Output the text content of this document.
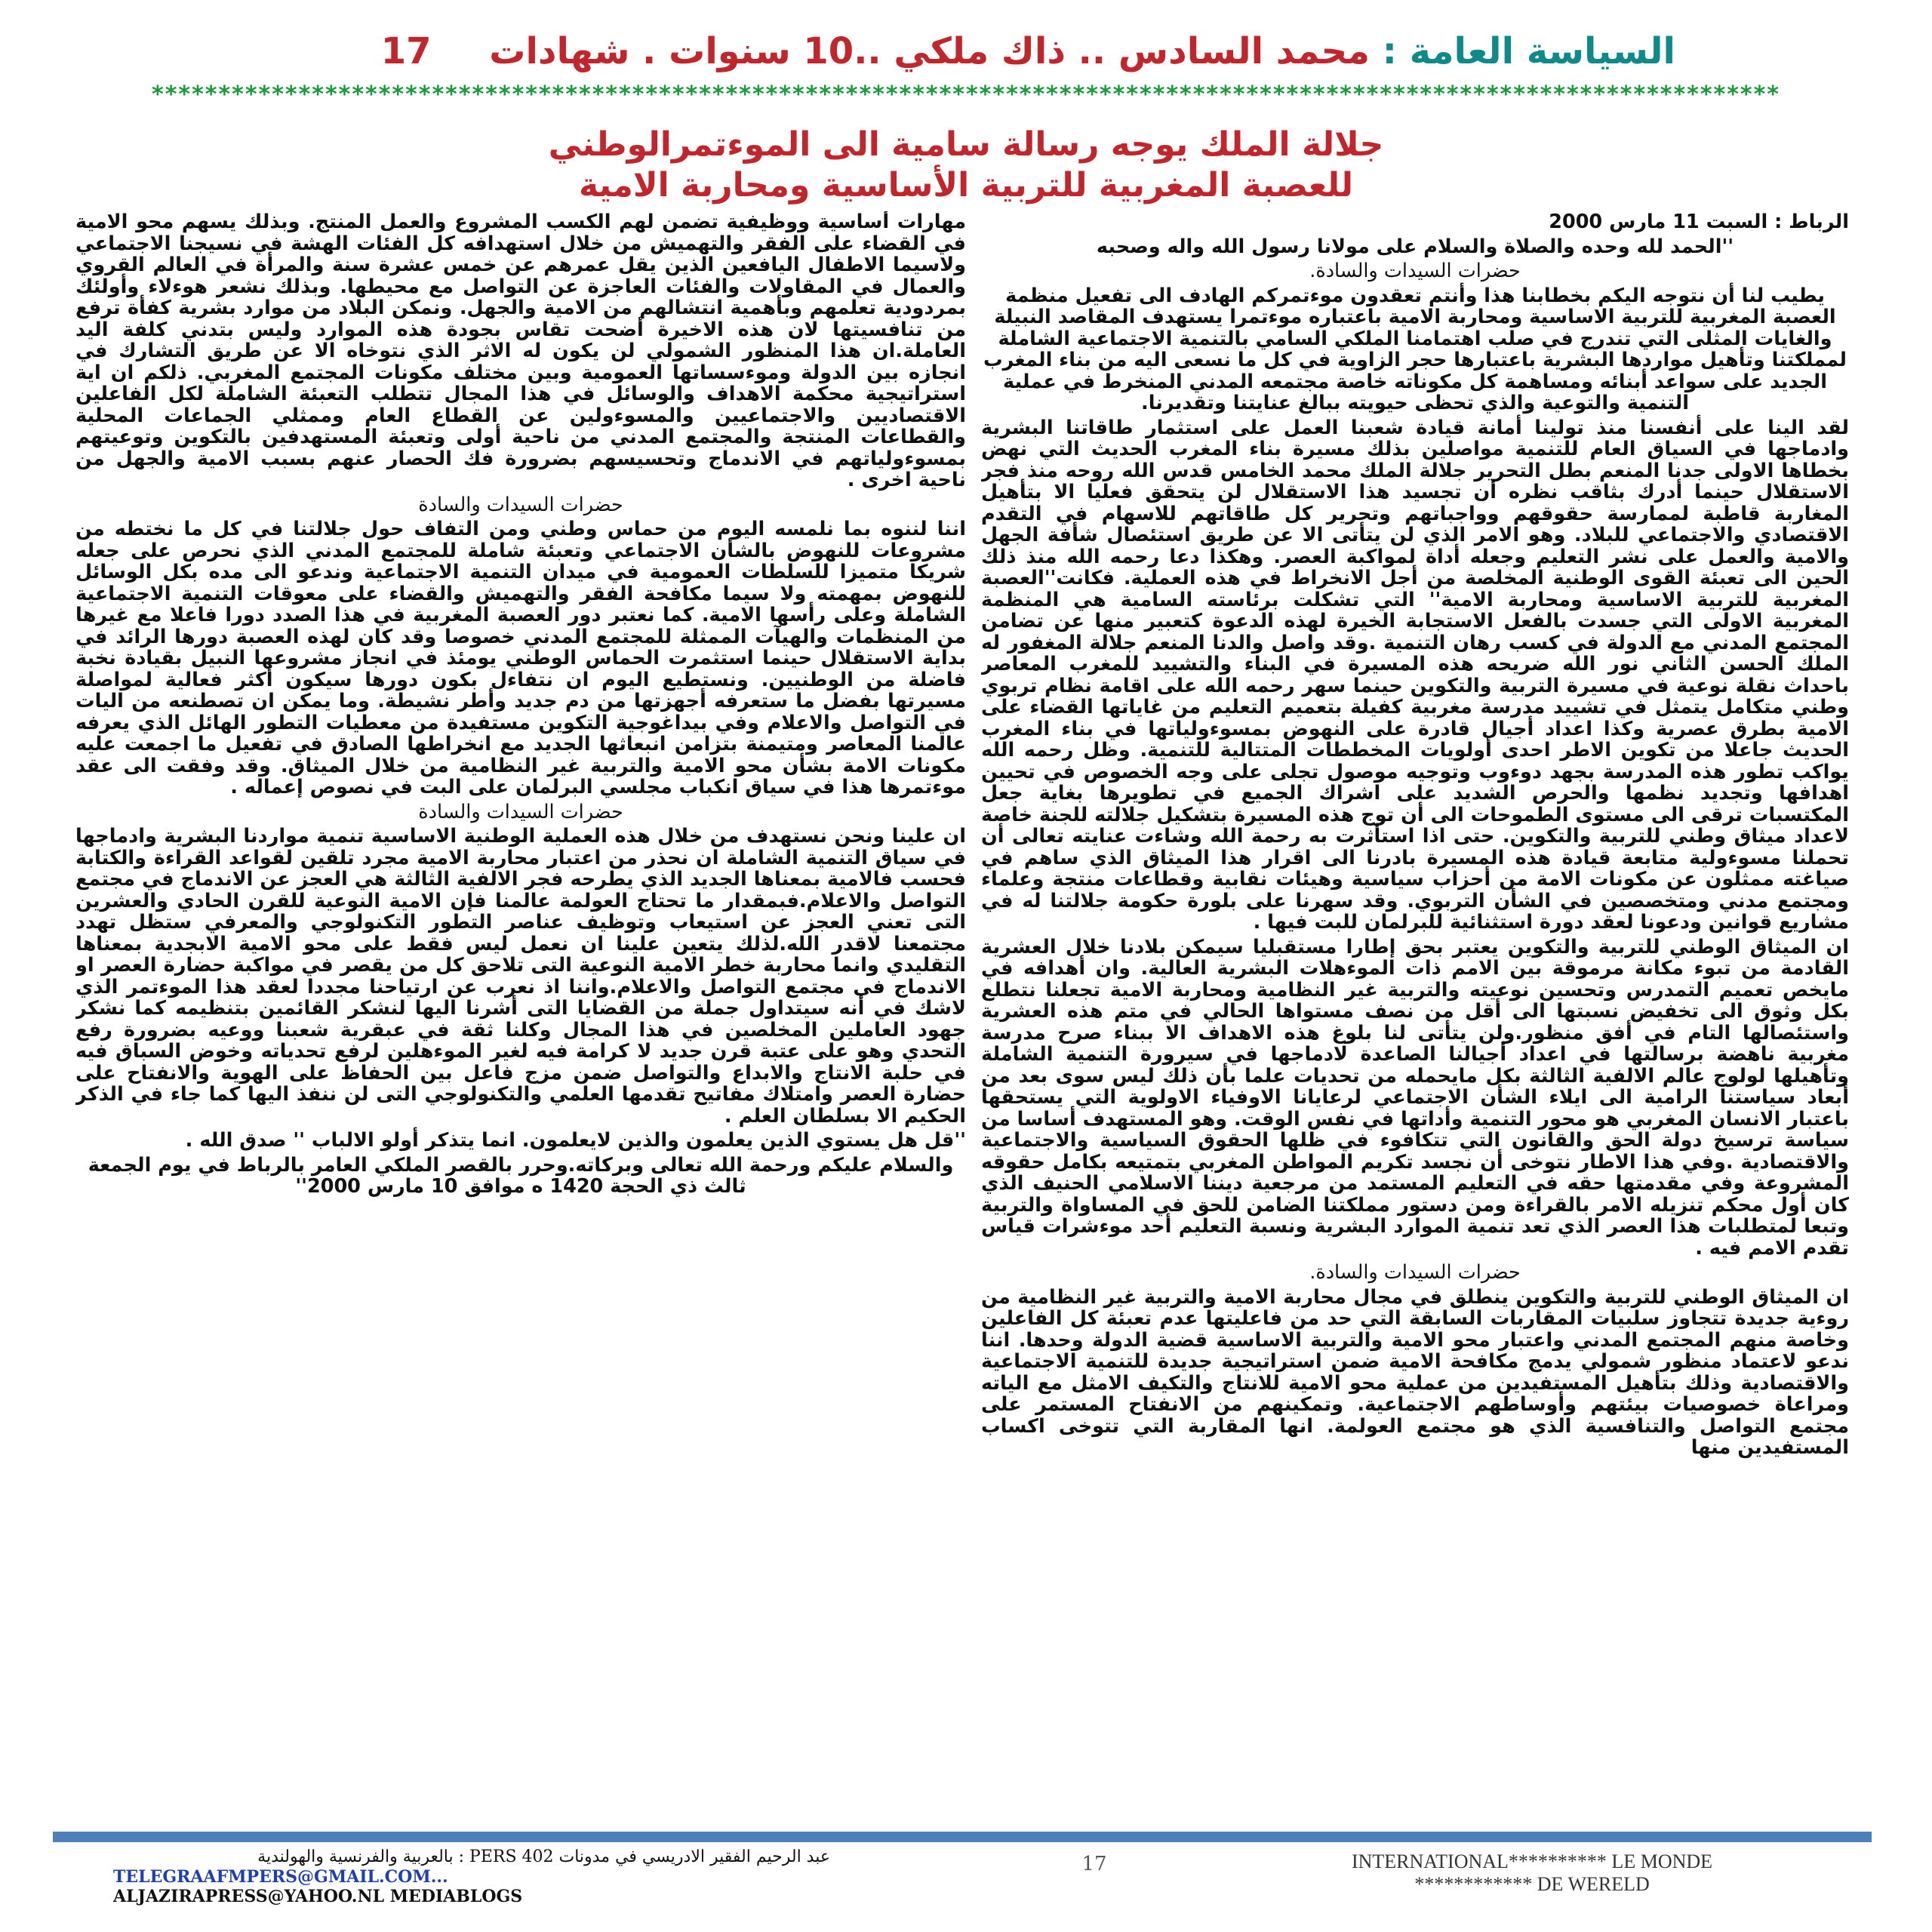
السياسة العامة : محمد السادس .. ذاك ملكي ..10 سنوات . شهادات 17
**************************************************************************************************************************
جلالة الملك يوجه رسالة سامية الى الموءتمرالوطني
للعصبة المغربية للتربية الأساسية ومحاربة الامية

الرباط : السبت 11 مارس 2000

''الحمد لله وحده والصلاة والسلام على مولانا رسول الله واله وصحبه

حضرات السيدات والسادة.

يطيب لنا أن نتوجه اليكم بخطابنا هذا وأنتم تعقدون موءتمركم الهادف الى تفعيل منظمة العصبة المغربية للتربية الاساسية ومحاربة الامية باعتباره موءتمرا يستهدف المقاصد النبيلة والغايات المثلى التي تندرج في صلب اهتمامنا الملكي السامي بالتنمية الاجتماعية الشاملة لمملكتنا وتأهيل مواردها البشرية باعتبارها حجر الزاوية في كل ما نسعى اليه من بناء المغرب الجديد على سواعد أبنائه ومساهمة كل مكوناته خاصة مجتمعه المدني المنخرط في عملية التنمية والتوعية والذي تحظى حيويته ببالغ عنايتنا وتقديرنا.

لقد الينا على أنفسنا منذ تولينا أمانة قيادة شعبنا العمل على استثمار طاقاتنا البشرية وادماجها في السياق العام للتنمية مواصلين بذلك مسيرة بناء المغرب الحديث التي نهض بخطاها الاولى جدنا المنعم بطل التحرير جلالة الملك محمد الخامس قدس الله روحه منذ فجر الاستقلال حينما أدرك بثاقب نظره أن تجسيد هذا الاستقلال لن يتحقق فعليا الا بتأهيل المغاربة قاطبة لممارسة حقوقهم وواجباتهم وتحرير كل طاقاتهم للاسهام في التقدم الاقتصادي والاجتماعي للبلاد. وهو الامر الذي لن يتأتى الا عن طريق استئصال شأفة الجهل والامية والعمل على نشر التعليم وجعله أداة لمواكبة العصر. وهكذا دعا رحمه الله منذ ذلك الحين الى تعبئة القوى الوطنية المخلصة من أجل الانخراط في هذه العملية. فكانت''العصبة المغربية للتربية الاساسية ومحاربة الامية'' التي تشكلت برئاسته السامية هي المنظمة المغربية الاولى التي جسدت بالفعل الاستجابة الخيرة لهذه الدعوة كتعبير منها عن تضامن المجتمع المدني مع الدولة في كسب رهان التنمية .وقد واصل والدنا المنعم جلالة المغفور له الملك الحسن الثاني نور الله ضريحه هذه المسيرة في البناء والتشييد للمغرب المعاصر باحداث نقلة نوعية في مسيرة التربية والتكوين حينما سهر رحمه الله على اقامة نظام تربوي وطني متكامل يتمثل في تشييد مدرسة مغربية كفيلة بتعميم التعليم من غاياتها القضاء على الامية بطرق عصرية وكذا اعداد أجيال قادرة على النهوض بمسوءولياتها في بناء المغرب الحديث جاعلا من تكوين الاطر احدى أولويات المخططات المتتالية للتنمية. وظل رحمه الله يواكب تطور هذه المدرسة بجهد دوءوب وتوجيه موصول تجلى على وجه الخصوص في تحيين اهدافها وتجديد نظمها والحرص الشديد على اشراك الجميع في تطويرها بغاية جعل المكتسبات ترقى الى مستوى الطموحات الى أن توج هذه المسيرة بتشكيل جلالته للجنة خاصة لاعداد ميثاق وطني للتربية والتكوين. حتى اذا استأثرت به رحمة الله وشاءت عنايته تعالى أن تحملنا مسوءولية متابعة قيادة هذه المسيرة بادرنا الى اقرار هذا الميثاق الذي ساهم في صياغته ممثلون عن مكونات الامة من أحزاب سياسية وهيئات نقابية وقطاعات منتجة وعلماء ومجتمع مدني ومتخصصين في الشأن التربوي. وقد سهرنا على بلورة حكومة جلالتنا له في مشاريع قوانين ودعونا لعقد دورة استثنائية للبرلمان للبت فيها .

ان الميثاق الوطني للتربية والتكوين يعتبر بحق إطارا مستقبليا سيمكن بلادنا خلال العشرية القادمة من تبوء مكانة مرموقة بين الامم ذات الموءهلات البشرية العالية. وان أهدافه في مايخص تعميم التمدرس وتحسين نوعيته والتربية غير النظامية ومحاربة الامية تجعلنا نتطلع بكل وثوق الى تخفيض نسبتها الى أقل من نصف مستواها الحالي في متم هذه العشرية واستئصالها التام في أفق منظور.ولن يتأتى لنا بلوغ هذه الاهداف الا ببناء صرح مدرسة مغربية ناهضة برسالتها في اعداد أجيالنا الصاعدة لادماجها في سيرورة التنمية الشاملة وتأهيلها لولوج عالم الالفية الثالثة بكل مايحمله من تحديات علما بأن ذلك ليس سوى بعد من أبعاد سياستنا الرامية الى ايلاء الشأن الاجتماعي لرعايانا الاوفياء الاولوية التي يستحقها باعتبار الانسان المغربي هو محور التنمية وأداتها في نفس الوقت. وهو المستهدف أساسا من سياسة ترسيخ دولة الحق والقانون التي تتكافوء في ظلها الحقوق السياسية والاجتماعية والاقتصادية .وفي هذا الاطار نتوخى أن نجسد تكريم المواطن المغربي بتمتيعه بكامل حقوقه المشروعة وفي مقدمتها حقه في التعليم المستمد من مرجعية ديننا الاسلامي الحنيف الذي كان أول محكم تنزيله الامر بالقراءة ومن دستور مملكتنا الضامن للحق في المساواة والتربية وتبعا لمتطلبات هذا العصر الذي تعد تنمية الموارد البشرية ونسبة التعليم أحد موءشرات قياس تقدم الامم فيه .

حضرات السيدات والسادة.

ان الميثاق الوطني للتربية والتكوين ينطلق في مجال محاربة الامية والتربية غير النظامية من روءية جديدة تتجاوز سلبيات المقاربات السابقة التي حد من فاعليتها عدم تعبئة كل الفاعلين وخاصة منهم المجتمع المدني واعتبار محو الامية والتربية الاساسية قضية الدولة وحدها. اننا ندعو لاعتماد منظور شمولي يدمج مكافحة الامية ضمن استراتيجية جديدة للتنمية الاجتماعية والاقتصادية وذلك بتأهيل المستفيدين من عملية محو الامية للانتاج والتكيف الامثل مع الياته ومراعاة خصوصيات بيئتهم وأوساطهم الاجتماعية. وتمكينهم من الانفتاح المستمر على مجتمع التواصل والتنافسية الذي هو مجتمع العولمة. انها المقاربة التي تتوخى اكساب المستفيدين منها

مهارات أساسية ووظيفية تضمن لهم الكسب المشروع والعمل المنتج. وبذلك يسهم محو الامية في القضاء على الفقر والتهميش من خلال استهدافه كل الفئات الهشة في نسيجنا الاجتماعي ولاسيما الاطفال اليافعين الذين يقل عمرهم عن خمس عشرة سنة والمرأة في العالم القروي والعمال في المقاولات والفئات العاجزة عن التواصل مع محيطها. وبذلك نشعر هوءلاء وأولئك بمردودية تعلمهم وبأهمية انتشالهم من الامية والجهل. ونمكن البلاد من موارد بشرية كفأة ترفع من تنافسيتها لان هذه الاخيرة أضحت تقاس بجودة هذه الموارد وليس بتدني كلفة اليد العاملة.ان هذا المنظور الشمولي لن يكون له الاثر الذي نتوخاه الا عن طريق التشارك في انجازه بين الدولة وموءسساتها العمومية وبين مختلف مكونات المجتمع المغربي. ذلكم ان اية استراتيجية محكمة الاهداف والوسائل في هذا المجال تتطلب التعبئة الشاملة لكل الفاعلين الاقتصاديين والاجتماعيين والمسوءولين عن القطاع العام وممثلي الجماعات المحلية والقطاعات المنتجة والمجتمع المدني من ناحية أولى وتعبئة المستهدفين بالتكوين وتوعيتهم بمسوءولياتهم في الاندماج وتحسيسهم بضرورة فك الحصار عنهم بسبب الامية والجهل من ناحية اخرى .

حضرات السيدات والسادة

اننا لننوه بما نلمسه اليوم من حماس وطني ومن التفاف حول جلالتنا في كل ما نختطه من مشروعات للنهوض بالشأن الاجتماعي وتعبئة شاملة للمجتمع المدني الذي نحرص على جعله شريكا متميزا للسلطات العمومية في ميدان التنمية الاجتماعية وندعو الى مده بكل الوسائل للنهوض بمهمته ولا سيما مكافحة الفقر والتهميش والقضاء على معوقات التنمية الاجتماعية الشاملة وعلى رأسها الامية. كما نعتبر دور العصبة المغربية في هذا الصدد دورا فاعلا مع غيرها من المنظمات والهيآت الممثلة للمجتمع المدني خصوصا وقد كان لهذه العصبة دورها الرائد في بداية الاستقلال حينما استثمرت الحماس الوطني يومئذ في انجاز مشروعها النبيل بقيادة نخبة فاضلة من الوطنيين. ونستطيع اليوم ان نتفاءل بكون دورها سيكون أكثر فعالية لمواصلة مسيرتها بفضل ما ستعرفه أجهزتها من دم جديد وأطر نشيطة. وما يمكن ان تصطنعه من اليات في التواصل والاعلام وفي بيداغوجية التكوين مستفيدة من معطيات التطور الهائل الذي يعرفه عالمنا المعاصر ومتيمنة بتزامن انبعاثها الجديد مع انخراطها الصادق في تفعيل ما اجمعت عليه مكونات الامة بشأن محو الامية والتربية غير النظامية من خلال الميثاق. وقد وفقت الى عقد موءتمرها هذا في سياق انكباب مجلسي البرلمان على البت في نصوص إعماله .

حضرات السيدات والسادة

ان علينا ونحن نستهدف من خلال هذه العملية الوطنية الاساسية تنمية مواردنا البشرية وادماجها في سياق التنمية الشاملة ان نحذر من اعتبار محاربة الامية مجرد تلقين لقواعد القراءة والكتابة فحسب فالامية بمعناها الجديد الذي يطرحه فجر الالفية الثالثة هي العجز عن الاندماج في مجتمع التواصل والاعلام.فبمقدار ما تحتاج العولمة عالمنا فإن الامية النوعية للقرن الحادي والعشرين التى تعني العجز عن استيعاب وتوظيف عناصر التطور التكنولوجي والمعرفي ستظل تهدد مجتمعنا لاقدر الله.لذلك يتعين علينا ان نعمل ليس فقط على محو الامية الابجدية بمعناها التقليدي وانما محاربة خطر الامية النوعية التى تلاحق كل من يقصر في مواكبة حضارة العصر او الاندماج في مجتمع التواصل والاعلام.واننا اذ نعرب عن ارتياحنا مجددا لعقد هذا الموءتمر الذي لاشك في أنه سيتداول جملة من القضايا التى أشرنا اليها لنشكر القائمين بتنظيمه كما نشكر جهود العاملين المخلصين في هذا المجال وكلنا ثقة في عبقرية شعبنا ووعيه بضرورة رفع التحدي وهو على عتبة قرن جديد لا كرامة فيه لغير الموءهلين لرفع تحدياته وخوض السباق فيه في حلبة الانتاج والابداع والتواصل ضمن مزج فاعل بين الحفاظ على الهوية والانفتاح على حضارة العصر وامتلاك مفاتيح تقدمها العلمي والتكنولوجي التى لن ننفذ اليها كما جاء في الذكر الحكيم الا بسلطان العلم .

''قل هل يستوي الذين يعلمون والذين لايعلمون. انما يتذكر أولو الالباب '' صدق الله .

والسلام عليكم ورحمة الله تعالى وبركاته.وحرر بالقصر الملكي العامر بالرباط في يوم الجمعة ثالث ذي الحجة 1420 ه موافق 10 مارس 2000''

عبد الرحيم الفقير الادريسي في مدونات PERS 402 : بالعربية والفرنسية والهولندية
TELEGRAAFMPERS@GMAIL.COM...
ALJAZIRAPRESS@YAHOO.NL MEDIABLOGS
17	INTERNATIONAL********** LE MONDE
************ DE WERELD
